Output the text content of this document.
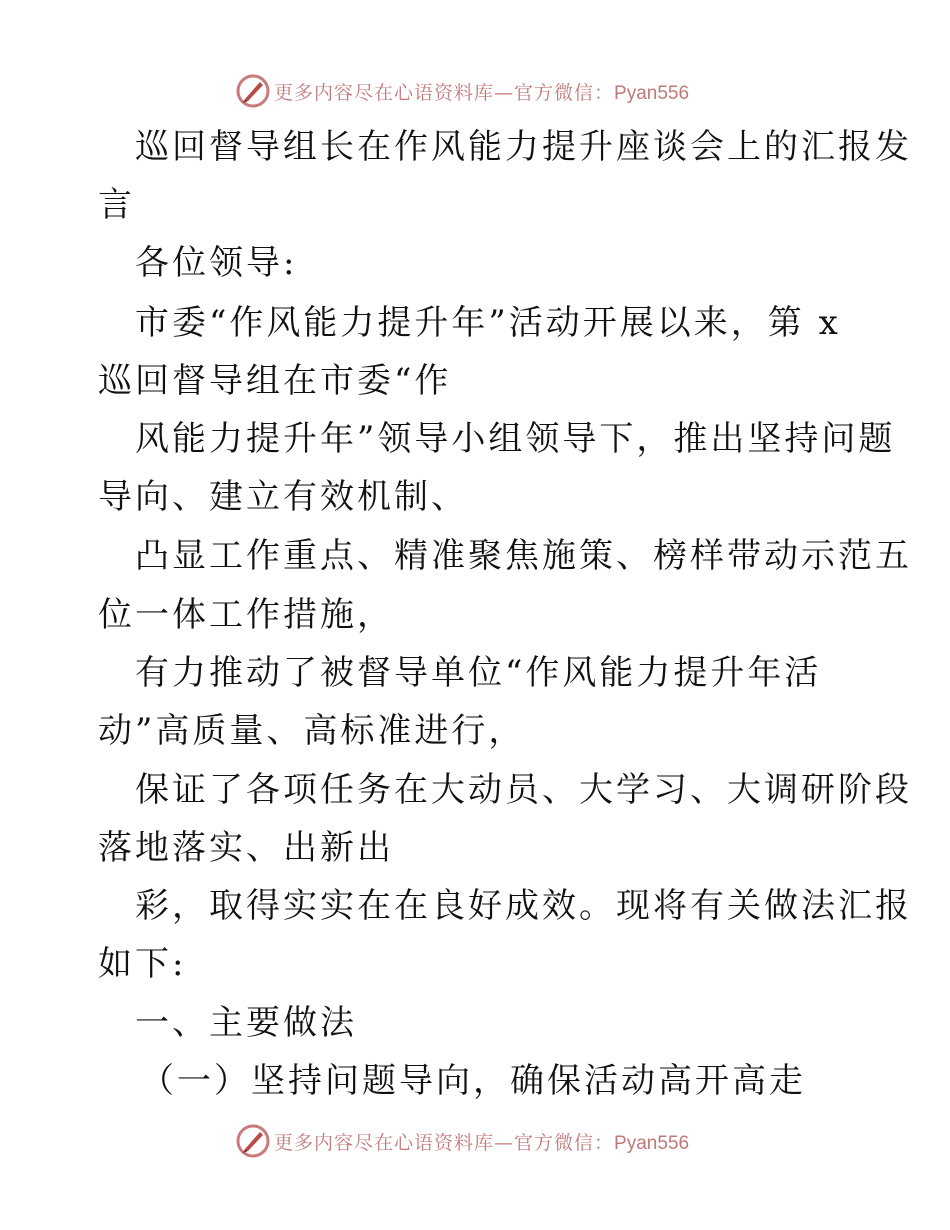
更多内容尽在心语资料库—官方微信：Pyan556
巡回督导组长在作风能力提升座谈会上的汇报发
言
各位领导:
市委“作风能力提升年”活动开展以来，第 x
巡回督导组在市委“作
风能力提升年”领导小组领导下，推出坚持问题
导向、建立有效机制、
凸显工作重点、精准聚焦施策、榜样带动示范五
位一体工作措施，
有力推动了被督导单位“作风能力提升年活
动”高质量、高标准进行，
保证了各项任务在大动员、大学习、大调研阶段
落地落实、出新出
彩，取得实实在在良好成效。现将有关做法汇报
如下:
一、主要做法
（一）坚持问题导向，确保活动高开高走
更多内容尽在心语资料库—官方微信：Pyan556
